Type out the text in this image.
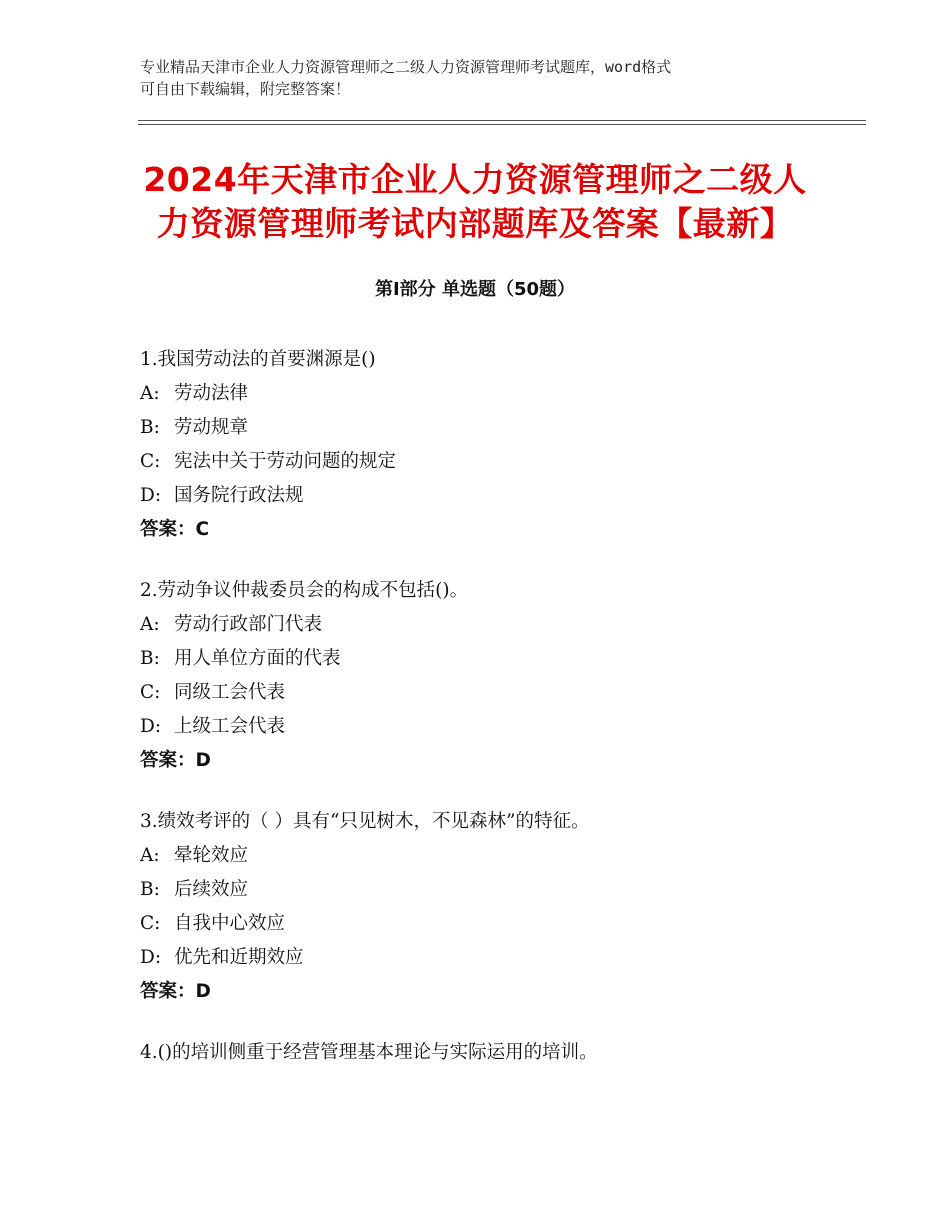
专业精品天津市企业人力资源管理师之二级人力资源管理师考试题库，word格式
可自由下载编辑，附完整答案！
2024年天津市企业人力资源管理师之二级人
力资源管理师考试内部题库及答案【最新】
第Ⅰ部分 单选题（50题）
1.我国劳动法的首要渊源是()
A: 劳动法律
B: 劳动规章
C: 宪法中关于劳动问题的规定
D: 国务院行政法规
答案：C
2.劳动争议仲裁委员会的构成不包括()。
A: 劳动行政部门代表
B: 用人单位方面的代表
C: 同级工会代表
D: 上级工会代表
答案：D
3.绩效考评的（ ）具有“只见树木，不见森林”的特征。
A: 晕轮效应
B: 后续效应
C: 自我中心效应
D: 优先和近期效应
答案：D
4.()的培训侧重于经营管理基本理论与实际运用的培训。
